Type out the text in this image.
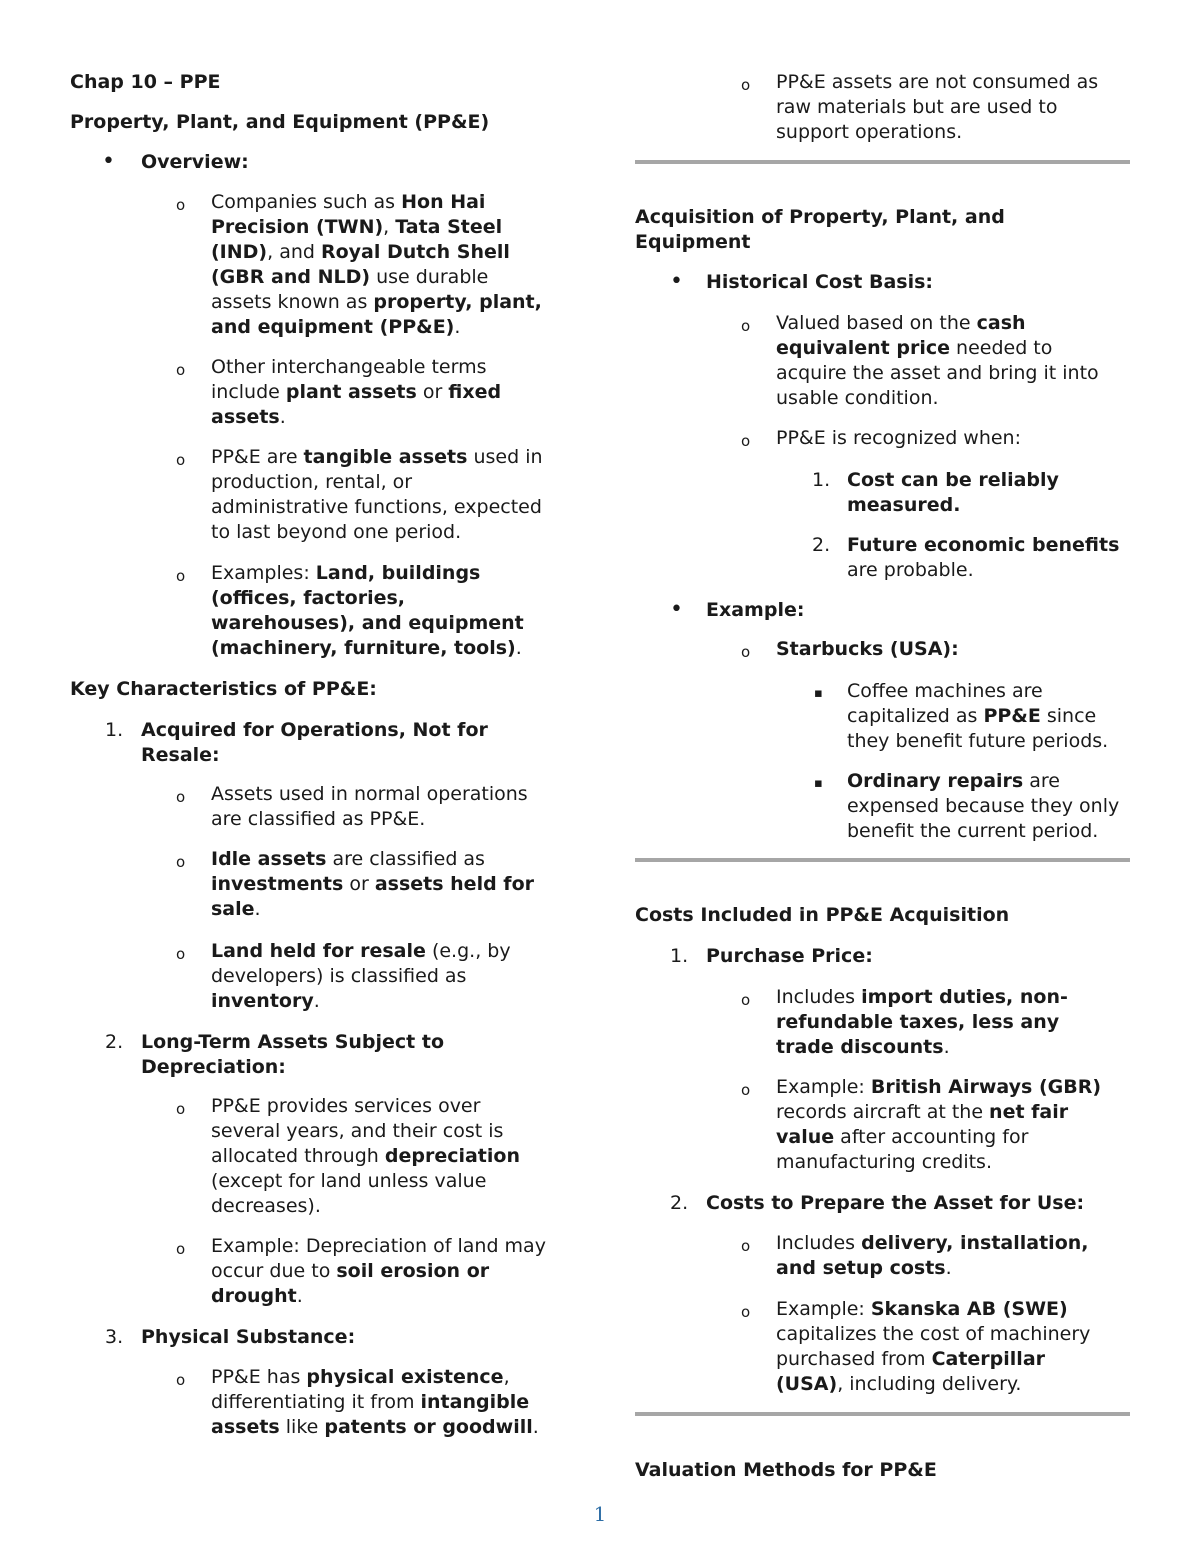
Chap 10 – PPE
Property, Plant, and Equipment (PP&E)
• Overview:
o Companies such as Hon Hai
Precision (TWN), Tata Steel
(IND), and Royal Dutch Shell
(GBR and NLD) use durable
assets known as property, plant,
and equipment (PP&E).
o Other interchangeable terms
include plant assets or fixed
assets.
o PP&E are tangible assets used in
production, rental, or
administrative functions, expected
to last beyond one period.
o Examples: Land, buildings
(offices, factories,
warehouses), and equipment
(machinery, furniture, tools).
Key Characteristics of PP&E:
1. Acquired for Operations, Not for
Resale:
o Assets used in normal operations
are classified as PP&E.
o Idle assets are classified as
investments or assets held for
sale.
o Land held for resale (e.g., by
developers) is classified as
inventory.
2. Long-Term Assets Subject to
Depreciation:
o PP&E provides services over
several years, and their cost is
allocated through depreciation
(except for land unless value
decreases).
o Example: Depreciation of land may
occur due to soil erosion or
drought.
3. Physical Substance:
o PP&E has physical existence,
differentiating it from intangible
assets like patents or goodwill.
o PP&E assets are not consumed as
raw materials but are used to
support operations.
Acquisition of Property, Plant, and
Equipment
• Historical Cost Basis:
o Valued based on the cash
equivalent price needed to
acquire the asset and bring it into
usable condition.
o PP&E is recognized when:
1. Cost can be reliably
measured.
2. Future economic benefits
are probable.
• Example:
o Starbucks (USA):
▪ Coffee machines are
capitalized as PP&E since
they benefit future periods.
▪ Ordinary repairs are
expensed because they only
benefit the current period.
Costs Included in PP&E Acquisition
1. Purchase Price:
o Includes import duties, non-
refundable taxes, less any
trade discounts.
o Example: British Airways (GBR)
records aircraft at the net fair
value after accounting for
manufacturing credits.
2. Costs to Prepare the Asset for Use:
o Includes delivery, installation,
and setup costs.
o Example: Skanska AB (SWE)
capitalizes the cost of machinery
purchased from Caterpillar
(USA), including delivery.
Valuation Methods for PP&E
1
